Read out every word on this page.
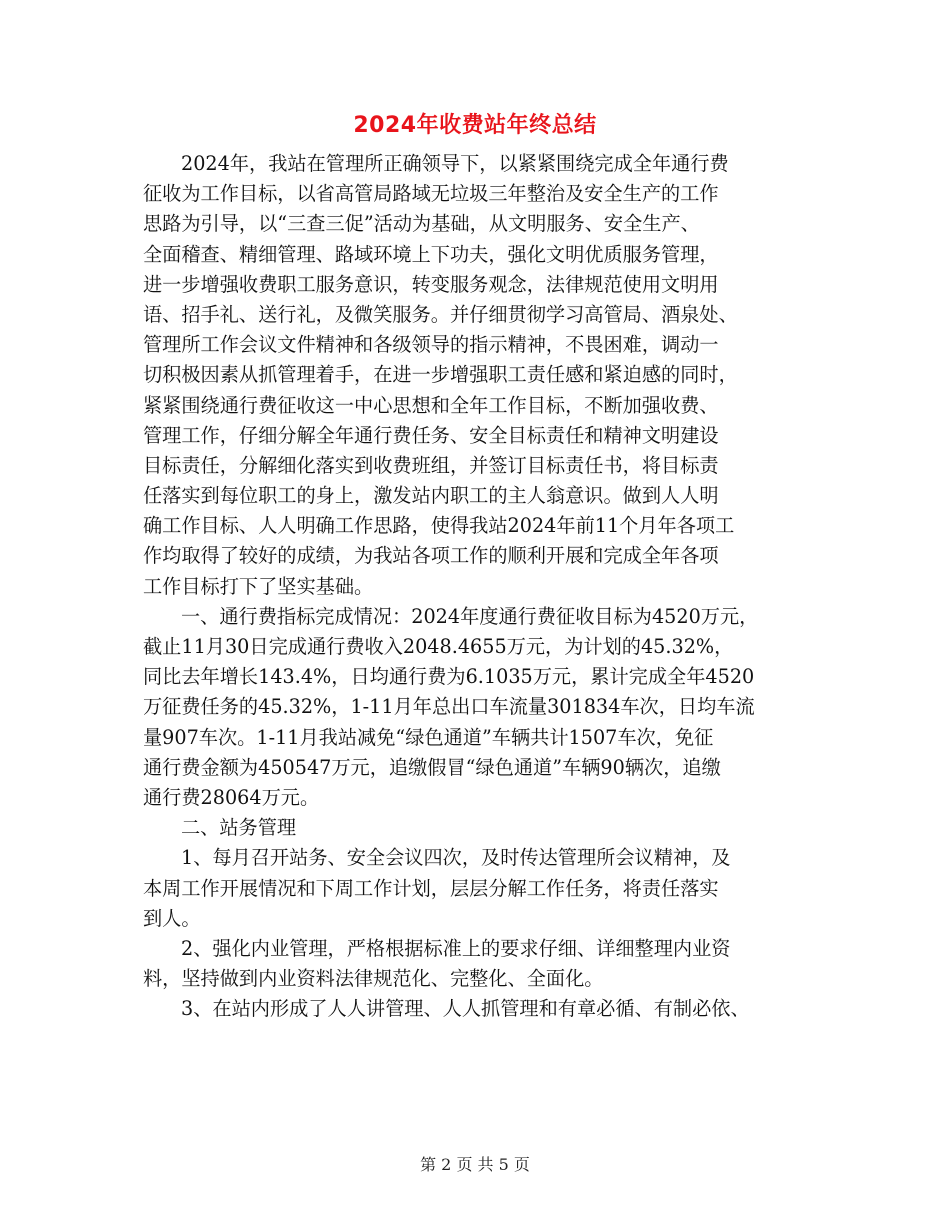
2024年收费站年终总结
2024年，我站在管理所正确领导下，以紧紧围绕完成全年通行费
征收为工作目标，以省高管局路域无垃圾三年整治及安全生产的工作
思路为引导，以“三查三促”活动为基础，从文明服务、安全生产、
全面稽查、精细管理、路域环境上下功夫，强化文明优质服务管理，
进一步增强收费职工服务意识，转变服务观念，法律规范使用文明用
语、招手礼、送行礼，及微笑服务。并仔细贯彻学习高管局、酒泉处、
管理所工作会议文件精神和各级领导的指示精神，不畏困难，调动一
切积极因素从抓管理着手，在进一步增强职工责任感和紧迫感的同时，
紧紧围绕通行费征收这一中心思想和全年工作目标，不断加强收费、
管理工作，仔细分解全年通行费任务、安全目标责任和精神文明建设
目标责任，分解细化落实到收费班组，并签订目标责任书，将目标责
任落实到每位职工的身上，激发站内职工的主人翁意识。做到人人明
确工作目标、人人明确工作思路，使得我站2024年前11个月年各项工
作均取得了较好的成绩，为我站各项工作的顺利开展和完成全年各项
工作目标打下了坚实基础。
一、通行费指标完成情况：2024年度通行费征收目标为4520万元，
截止11月30日完成通行费收入2048.4655万元，为计划的45.32%，
同比去年增长143.4%，日均通行费为6.1035万元，累计完成全年4520
万征费任务的45.32%，1-11月年总出口车流量301834车次，日均车流
量907车次。1-11月我站减免“绿色通道”车辆共计1507车次，免征
通行费金额为450547万元，追缴假冒“绿色通道”车辆90辆次，追缴
通行费28064万元。
二、站务管理
1、每月召开站务、安全会议四次，及时传达管理所会议精神，及
本周工作开展情况和下周工作计划，层层分解工作任务，将责任落实
到人。
2、强化内业管理，严格根据标准上的要求仔细、详细整理内业资
料，坚持做到内业资料法律规范化、完整化、全面化。
3、在站内形成了人人讲管理、人人抓管理和有章必循、有制必依、
第 2 页 共 5 页
